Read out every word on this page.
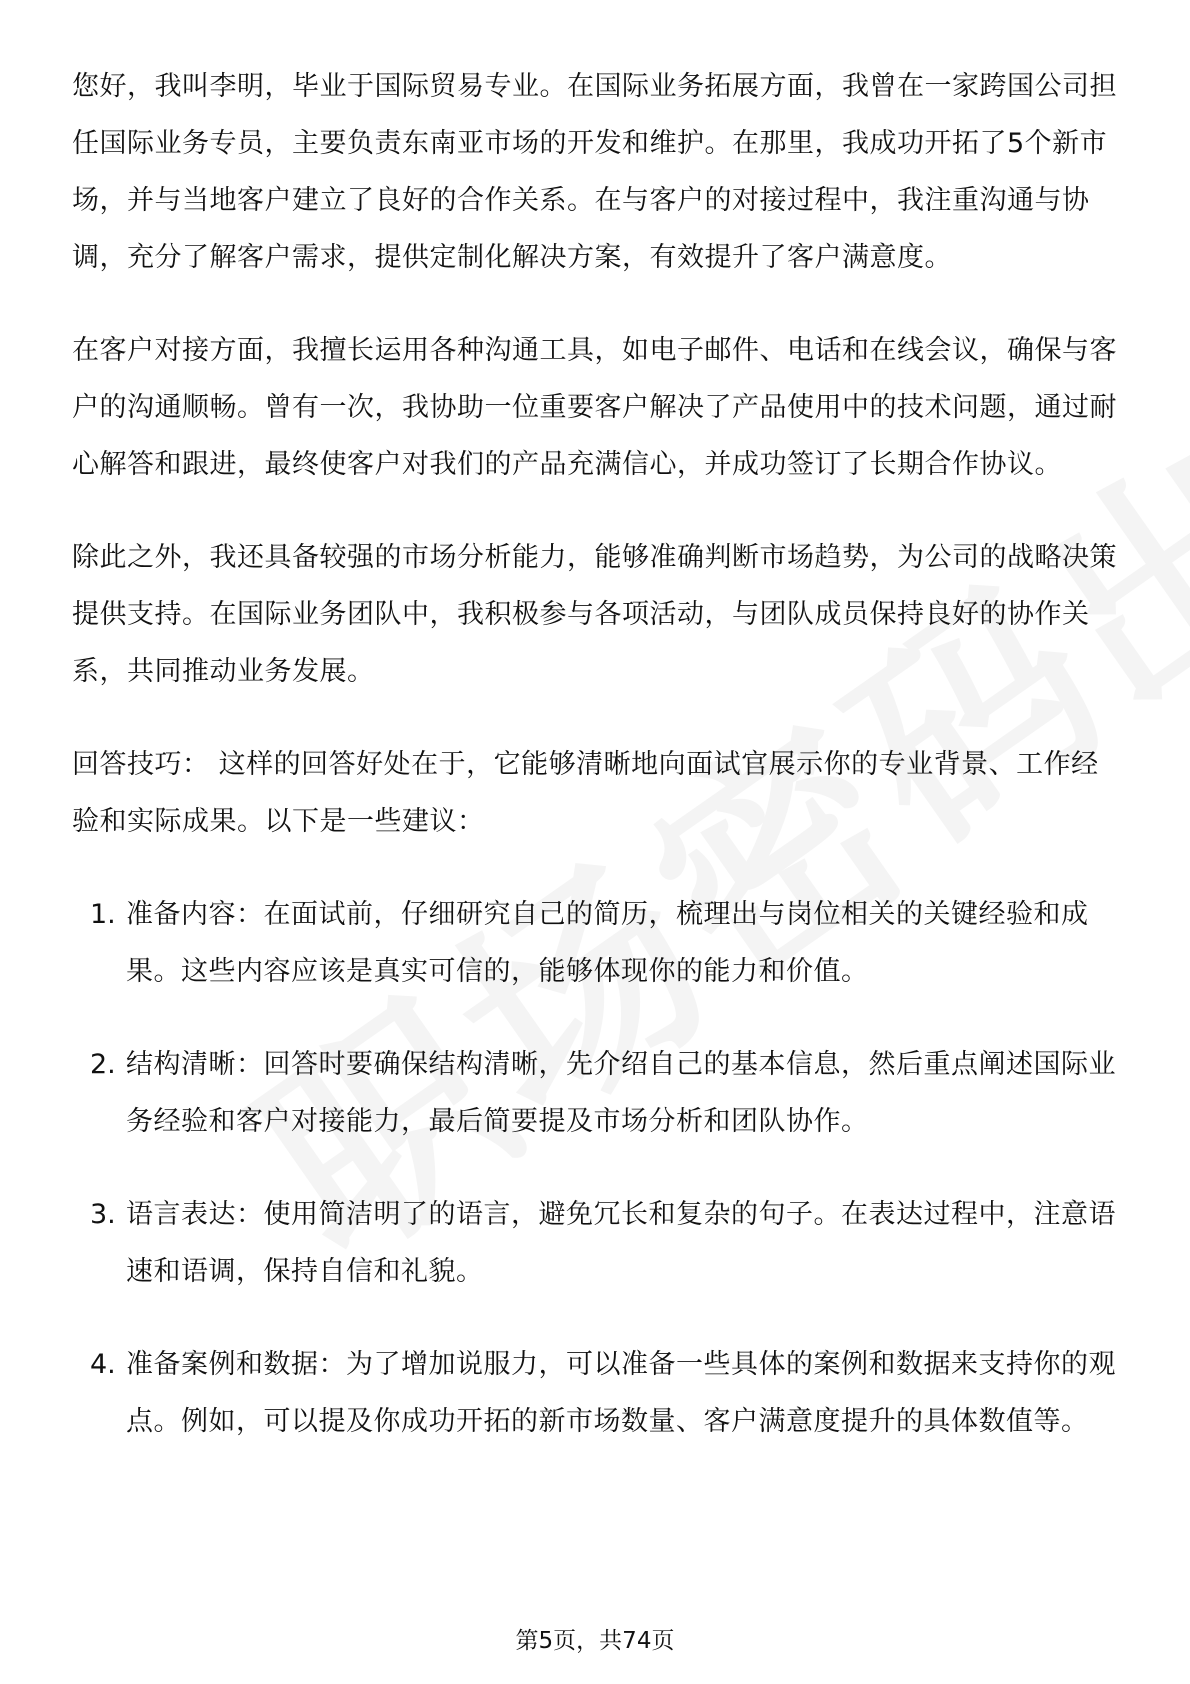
您好，我叫李明，毕业于国际贸易专业。在国际业务拓展方面，我曾在一家跨国公司担任国际业务专员，主要负责东南亚市场的开发和维护。在那里，我成功开拓了5个新市场，并与当地客户建立了良好的合作关系。在与客户的对接过程中，我注重沟通与协调，充分了解客户需求，提供定制化解决方案，有效提升了客户满意度。

在客户对接方面，我擅长运用各种沟通工具，如电子邮件、电话和在线会议，确保与客户的沟通顺畅。曾有一次，我协助一位重要客户解决了产品使用中的技术问题，通过耐心解答和跟进，最终使客户对我们的产品充满信心，并成功签订了长期合作协议。

除此之外，我还具备较强的市场分析能力，能够准确判断市场趋势，为公司的战略决策提供支持。在国际业务团队中，我积极参与各项活动，与团队成员保持良好的协作关系，共同推动业务发展。

回答技巧： 这样的回答好处在于，它能够清晰地向面试官展示你的专业背景、工作经验和实际成果。以下是一些建议：

1. 准备内容：在面试前，仔细研究自己的简历，梳理出与岗位相关的关键经验和成果。这些内容应该是真实可信的，能够体现你的能力和价值。
2. 结构清晰：回答时要确保结构清晰，先介绍自己的基本信息，然后重点阐述国际业务经验和客户对接能力，最后简要提及市场分析和团队协作。
3. 语言表达：使用简洁明了的语言，避免冗长和复杂的句子。在表达过程中，注意语速和语调，保持自信和礼貌。
4. 准备案例和数据：为了增加说服力，可以准备一些具体的案例和数据来支持你的观点。例如，可以提及你成功开拓的新市场数量、客户满意度提升的具体数值等。
第5页，共74页
